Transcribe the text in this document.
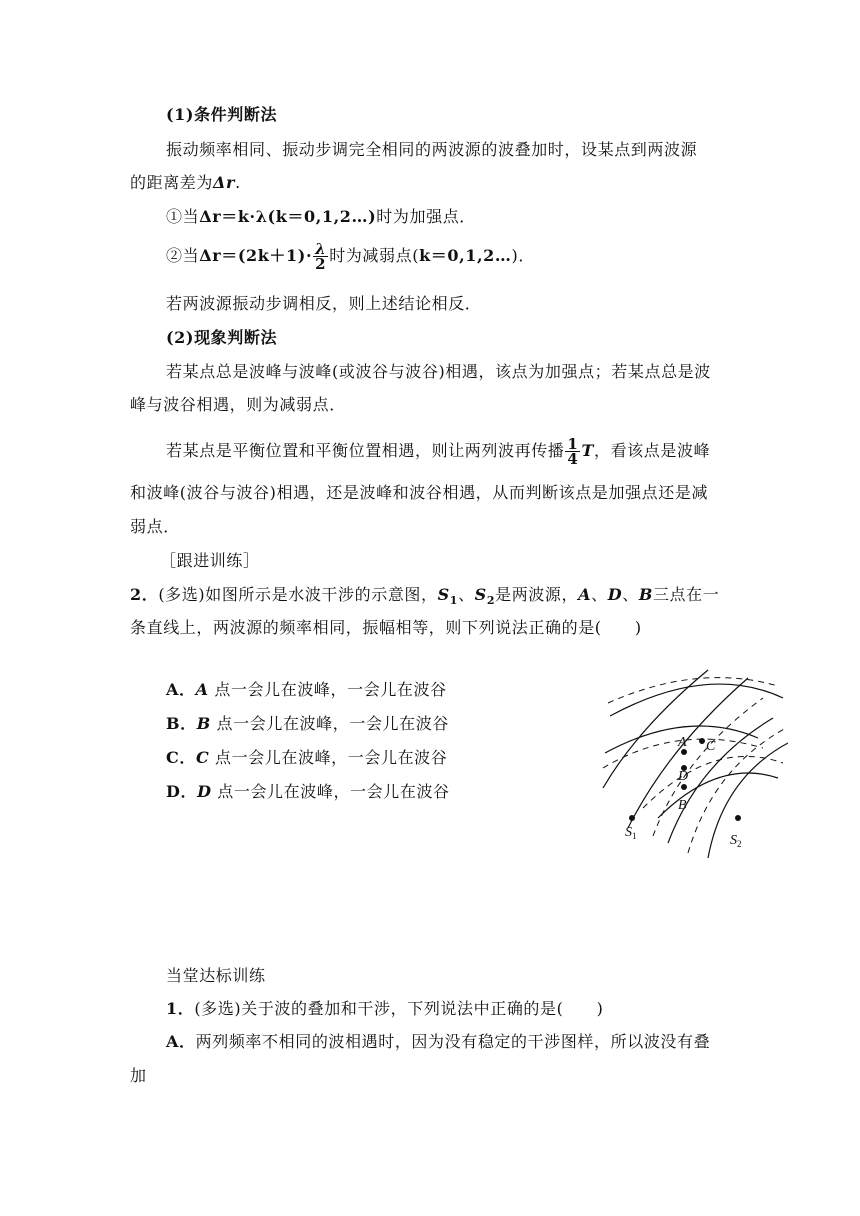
(1)条件判断法
振动频率相同、振动步调完全相同的两波源的波叠加时，设某点到两波源
的距离差为Δr.
①当Δr＝k·λ(k＝0,1,2…)时为加强点．
②当$\Delta r=(2k+1)\cdot \frac{\lambda}{2}$ 时为减弱点(k＝0,1,2…)．
若两波源振动步调相反，则上述结论相反．
(2)现象判断法
若某点总是波峰与波峰(或波谷与波谷)相遇，该点为加强点；若某点总是波
峰与波谷相遇，则为减弱点．
若某点是平衡位置和平衡位置相遇，则让两列波再传播 $\frac{1}{4}$ T，看该点是波峰
和波峰(波谷与波谷)相遇，还是波峰和波谷相遇，从而判断该点是加强点还是减
弱点．
［跟进训练］
2．(多选)如图所示是水波干涉的示意图，$S_1$、$S_2$是两波源，A、D、B三点在一
条直线上，两波源的频率相同，振幅相等，则下列说法正确的是(　　)
A．A 点一会儿在波峰，一会儿在波谷
B．B 点一会儿在波峰，一会儿在波谷
C．C 点一会儿在波峰，一会儿在波谷
D．D 点一会儿在波峰，一会儿在波谷
A C
D
B
$S_1$	$S_2$
当堂达标训练
1．(多选)关于波的叠加和干涉，下列说法中正确的是(　　)
A．两列频率不相同的波相遇时，因为没有稳定的干涉图样，所以波没有叠
加
